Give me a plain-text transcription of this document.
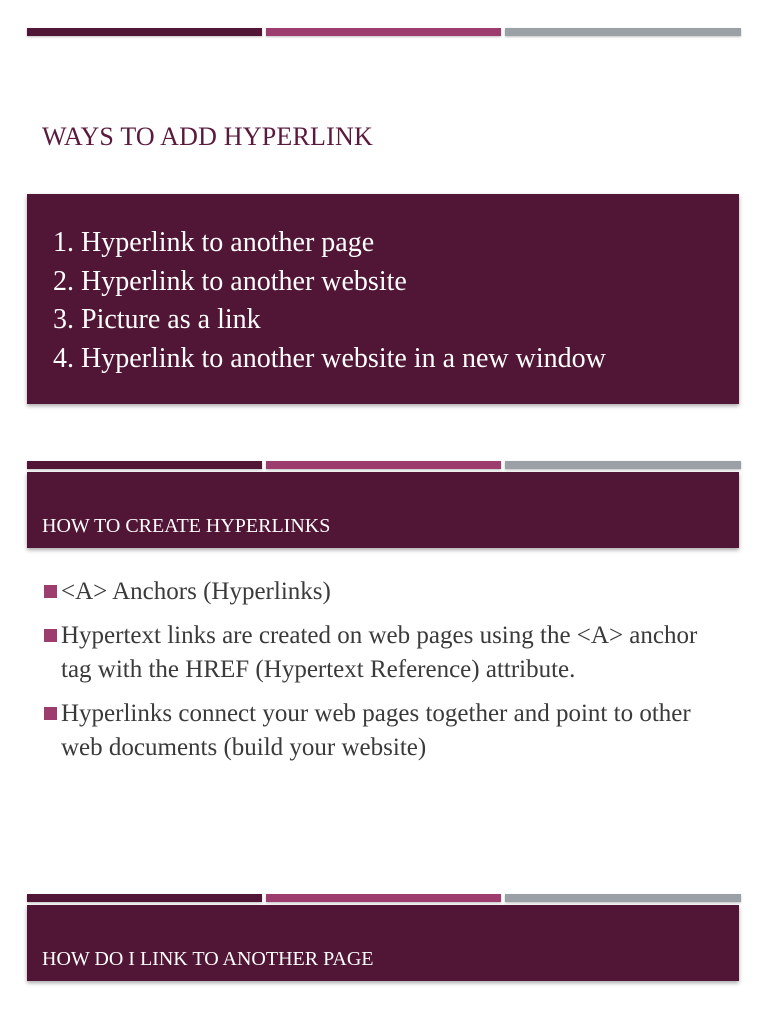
WAYS TO ADD HYPERLINK
1. Hyperlink to another page
2. Hyperlink to another website
3. Picture as a link
4. Hyperlink to another website in a new window
HOW TO CREATE HYPERLINKS
<A> Anchors (Hyperlinks)
Hypertext links are created on web pages using the <A> anchor tag with the HREF (Hypertext Reference) attribute.
Hyperlinks connect your web pages together and point to other web documents (build your website)
HOW DO I LINK TO ANOTHER PAGE
